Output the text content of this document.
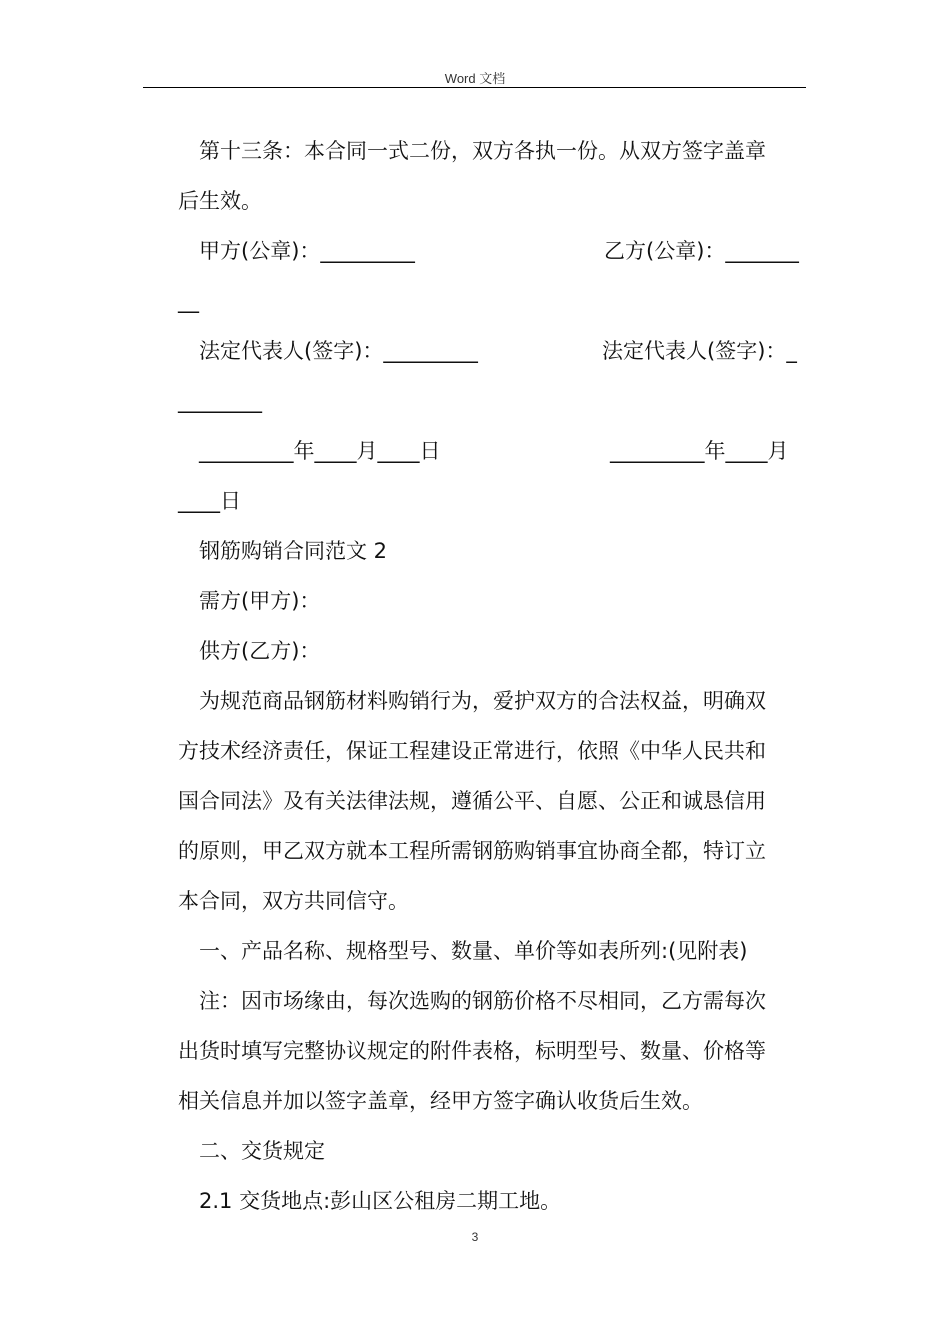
Word 文档
第十三条：本合同一式二份，双方各执一份。从双方签字盖章
后生效。
甲方(公章)：_________	乙方(公章)：_______
__
法定代表人(签字)：_________	法定代表人(签字)：_
________
_________年____月____日	_________年____月
____日
钢筋购销合同范文 2
需方(甲方)：
供方(乙方)：
为规范商品钢筋材料购销行为，爱护双方的合法权益，明确双
方技术经济责任，保证工程建设正常进行，依照《中华人民共和
国合同法》及有关法律法规，遵循公平、自愿、公正和诚恳信用
的原则，甲乙双方就本工程所需钢筋购销事宜协商全都，特订立
本合同，双方共同信守。
一、产品名称、规格型号、数量、单价等如表所列:(见附表)
注：因市场缘由，每次选购的钢筋价格不尽相同，乙方需每次
出货时填写完整协议规定的附件表格，标明型号、数量、价格等
相关信息并加以签字盖章，经甲方签字确认收货后生效。
二、交货规定
2.1 交货地点:彭山区公租房二期工地。
3
